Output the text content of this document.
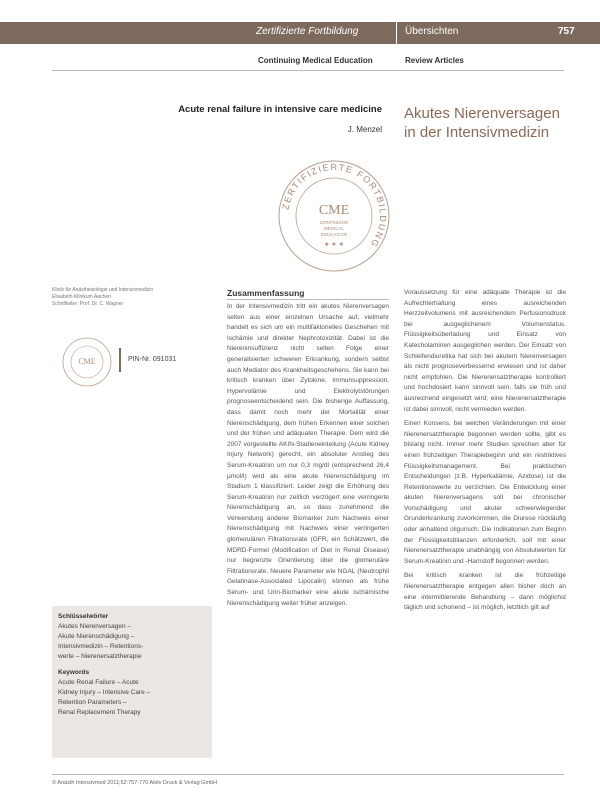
Zertifizierte Fortbildung	Übersichten	757
Continuing Medical Education	Review Articles
Acute renal failure in intensive care medicine
J. Menzel
Akutes Nierenversagen
in der Intensivmedizin
ZERTIFIZIERTE FORTBILDUNG
CME
CONTINUING
MEDICAL
EDUCATION
★ ★ ★
Klinik für Anästhesiologie und Intensivmedizin
Elisabeth Klinikum Aachen
Schriftleiter: Prof. Dr. C. Wagner
CME	PIN-Nr. 091031
Zusammenfassung

In der Intensivmedizin tritt ein akutes Nierenversagen selten aus einer einzelnen Ursache auf, vielmehr handelt es sich um ein multifaktorielles Geschehen mit Ischämie und direkter Nephrotoxizität. Dabei ist die Niereninsuffizienz nicht selten Folge einer generalisierten schweren Erkrankung, sondern selbst auch Mediator des Krankheitsgeschehens. Sie kann bei kritisch kranken über Zytokine, Immunsuppression, Hypervolämie und Elektrolytstörungen prognoseentscheidend sein. Die bisherige Auffassung, dass damit noch mehr der Mortalität einer Nierenschädigung, dem frühen Erkennen einer solchen und der frühen und adäquaten Therapie. Dem wird die 2007 vorgestellte AKIN-Stadieneinteilung (Acute Kidney Injury Network) gerecht, ein absoluter Anstieg des Serum-Kreatinin um nur 0,3 mg/dl (entsprechend 26,4 µmol/l) wird als eine akute Nierenschädigung im Stadium 1 klassifiziert. Leider zeigt die Erhöhung des Serum-Kreatinin nur zeitlich verzögert eine verringerte Nierenschädigung an, so dass zunehmend die Verwendung anderer Biomarker zum Nachweis einer Nierenschädigung mit Nachweis einer verringerten glomerulären Filtrationsrate (GFR, ein Schätzwert, die MDRD-Formel (Modification of Diet in Renal Disease) nur begrenzte Orientierung über die glomeruläre Filtrationsrate. Neuere Parameter wie NGAL (Neutrophil Gelatinase-Associated Lipocalin) können als frühe Serum- und Urin-Biomarker eine akute ischämische Nierenschädigung weiter früher anzeigen.

Voraussetzung für eine adäquate Therapie ist die Aufrechterhaltung eines ausreichenden Herzzeitvolumens mit ausreichendem Perfusionsdruck bei ausgeglichenem Volumenstatus. Flüssigkeitsüberladung und Einsatz von Katecholaminen ausgeglichen werden. Der Einsatz von Schleifendiuretika hat sich bei akutem Nierenversagen als nicht prognoseverbessernd erwiesen und ist daher nicht empfohlen. Die Nierenersatztherapie kontrolliert und hochdosiert kann sinnvoll sein, falls sie früh und ausreichend eingesetzt wird; eine Nierenersatztherapie ist dabei sinnvoll, nicht vermieden werden.

Einen Konsens, bei welchen Veränderungen mit einer Nierenersatztherapie begonnen werden sollte, gibt es bislang nicht. Immer mehr Studien sprechen aber für einen frühzeitigen Therapiebeginn und ein restriktives Flüssigkeitsmanagement. Bei praktischen Entscheidungen (z.B. Hyperkaliämie, Azidose) ist die Retentionswerte zu verzichten. Die Entwicklung einer akuten Nierenversagens soll bei chronischer Vorschädigung und akuter schwerwiegender Grunderkrankung zuvorkommen, die Diurese rückläufig oder anhaltend oligurisch. Die Indikationen zum Beginn der Flüssigkeitsbilanzen erforderlich, soll mit einer Nierenersatztherapie unabhängig von Absolutwerten für Serum-Kreatinin und -Harnstoff begonnen werden.

Bei kritisch kranken ist die frühzeitige Nierenersatztherapie entgegen allen bisher doch an eine intermittierende Behandlung – dann möglichst täglich und schonend – ist möglich, letztlich gilt auf

Schlüsselwörter
Akutes Nierenversagen –
Akute Nierenschädigung –
Intensivmedizin – Retentions-
werte – Nierenersatztherapie
Keywords
Acute Renal Failure – Acute
Kidney Injury – Intensive Care –
Retention Parameters –
Renal Replacement Therapy
© Anästh Intensivmed 2011;52:757-770 Aktiv Druck & Verlag GmbH
